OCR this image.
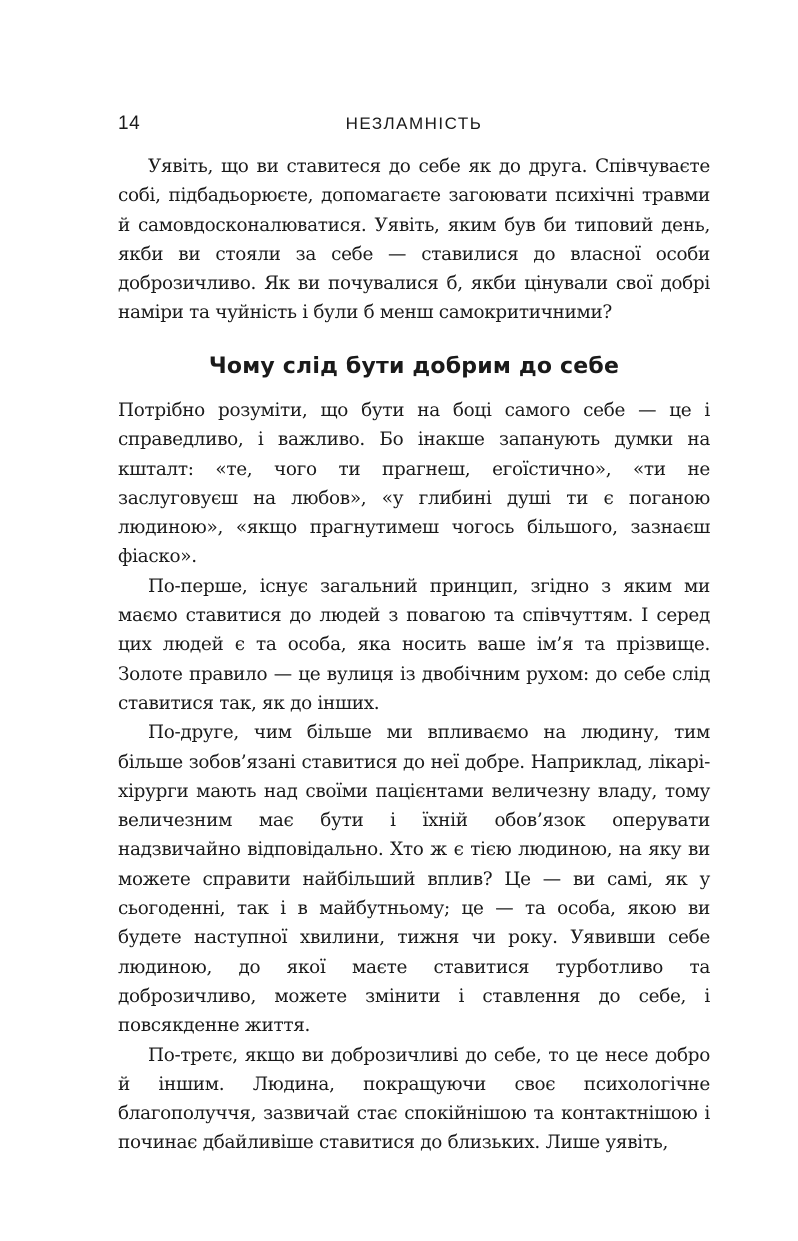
14	НЕЗЛАМНІСТЬ

Уявіть, що ви ставитеся до себе як до друга. Співчуваєте собі, підбадьорюєте, допомагаєте загоювати психічні травми й самовдосконалюватися. Уявіть, яким був би типовий день, якби ви стояли за себе — ставилися до власної особи доброзичливо. Як ви почувалися б, якби цінували свої добрі наміри та чуйність і були б менш самокритичними?

Чому слід бути добрим до себе

Потрібно розуміти, що бути на боці самого себе — це і справедливо, і важливо. Бо інакше запанують думки на кшталт: «те, чого ти прагнеш, егоїстично», «ти не заслуговуєш на любов», «у глибині душі ти є поганою людиною», «якщо прагнутимеш чогось більшого, зазнаєш фіаско».

По-перше, існує загальний принцип, згідно з яким ми маємо ставитися до людей з повагою та співчуттям. І серед цих людей є та особа, яка носить ваше ім’я та прізвище. Золоте правило — це вулиця із двобічним рухом: до себе слід ставитися так, як до інших.

По-друге, чим більше ми впливаємо на людину, тим більше зобов’язані ставитися до неї добре. Наприклад, лікарі-хірурги мають над своїми пацієнтами величезну владу, тому величезним має бути і їхній обов’язок оперувати надзвичайно відповідально. Хто ж є тією людиною, на яку ви можете справити найбільший вплив? Це — ви самі, як у сьогоденні, так і в майбутньому; це — та особа, якою ви будете наступної хвилини, тижня чи року. Уявивши себе людиною, до якої маєте ставитися турботливо та доброзичливо, можете змінити і ставлення до себе, і повсякденне життя.

По-третє, якщо ви доброзичливі до себе, то це несе добро й іншим. Людина, покращуючи своє психологічне благополуччя, зазвичай стає спокійнішою та контактнішою і починає дбайливіше ставитися до близьких. Лише уявіть,
